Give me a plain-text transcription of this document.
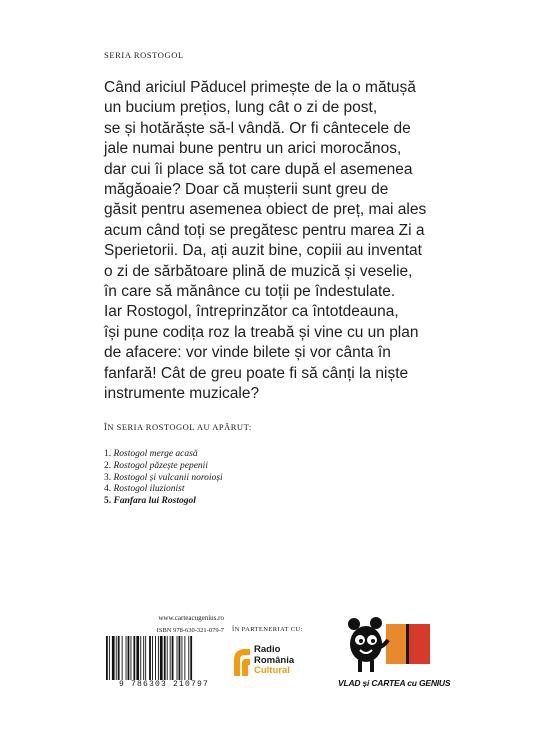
SERIA ROSTOGOL
Când ariciul Păducel primește de la o mătușă
un bucium prețios, lung cât o zi de post,
se și hotărăște să-l vândă. Or fi cântecele de
jale numai bune pentru un arici morocănos,
dar cui îi place să tot care după el asemenea
măgăoaie? Doar că mușterii sunt greu de
găsit pentru asemenea obiect de preț, mai ales
acum când toți se pregătesc pentru marea Zi a
Sperietorii. Da, ați auzit bine, copiii au inventat
o zi de sărbătoare plină de muzică și veselie,
în care să mănânce cu toții pe îndestulate.
Iar Rostogol, întreprinzător ca întotdeauna,
își pune codița roz la treabă și vine cu un plan
de afacere: vor vinde bilete și vor cânta în
fanfară! Cât de greu poate fi să cânți la niște
instrumente muzicale?
ÎN SERIA ROSTOGOL AU APĂRUT:
1. Rostogol merge acasă
2. Rostogol păzește pepenii
3. Rostogol și vulcanii noroioși
4. Rostogol iluzionist
5. Fanfara lui Rostogol
www.carteacugenius.ro
ISBN 978-630-321-079-7
9 786303 210797
ÎN PARTENERIAT CU:
Radio
România
Cultural
VLAD și CARTEA cu GENIUS
